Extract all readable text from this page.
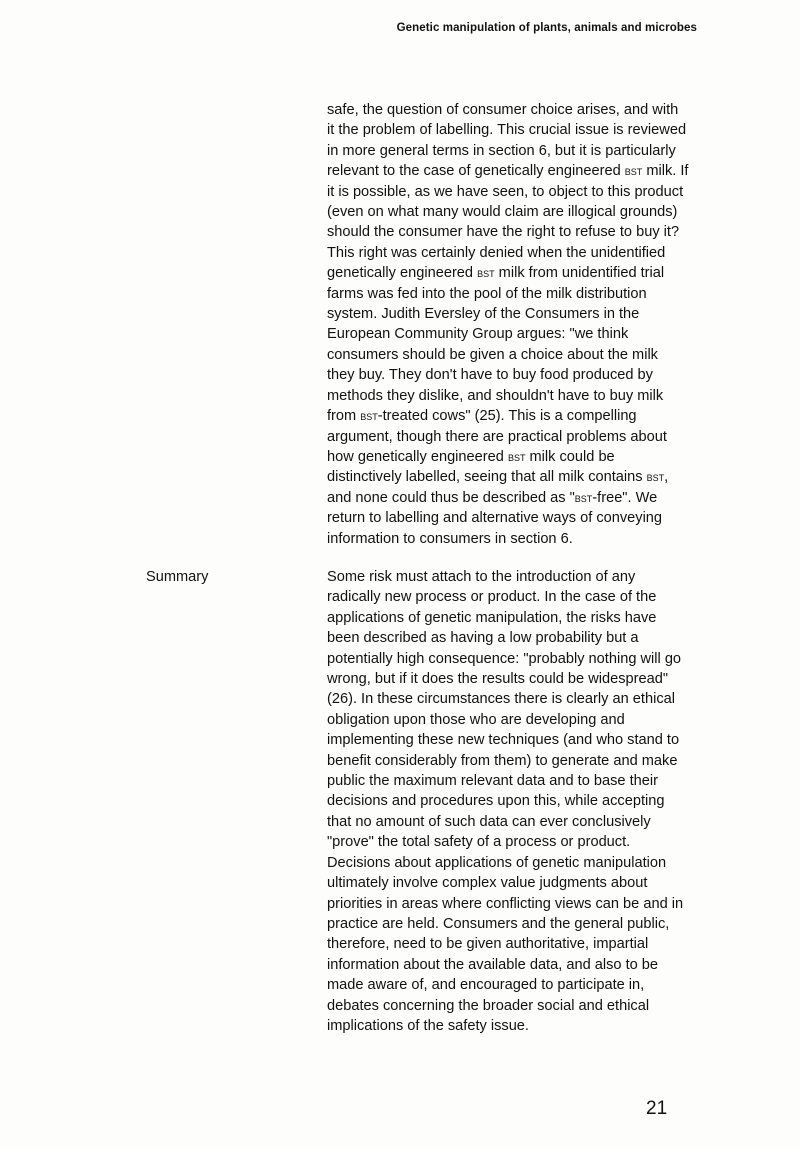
Genetic manipulation of plants, animals and microbes

safe, the question of consumer choice arises, and with it the problem of labelling. This crucial issue is reviewed in more general terms in section 6, but it is particularly relevant to the case of genetically engineered bst milk. If it is possible, as we have seen, to object to this product (even on what many would claim are illogical grounds) should the consumer have the right to refuse to buy it? This right was certainly denied when the unidentified genetically engineered bst milk from unidentified trial farms was fed into the pool of the milk distribution system. Judith Eversley of the Consumers in the European Community Group argues: "we think consumers should be given a choice about the milk they buy. They don't have to buy food produced by methods they dislike, and shouldn't have to buy milk from bst-treated cows" (25). This is a compelling argument, though there are practical problems about how genetically engineered bst milk could be distinctively labelled, seeing that all milk contains bst, and none could thus be described as "bst-free". We return to labelling and alternative ways of conveying information to consumers in section 6.

Summary	Some risk must attach to the introduction of any radically new process or product. In the case of the applications of genetic manipulation, the risks have been described as having a low probability but a potentially high consequence: "probably nothing will go wrong, but if it does the results could be widespread" (26). In these circumstances there is clearly an ethical obligation upon those who are developing and implementing these new techniques (and who stand to benefit considerably from them) to generate and make public the maximum relevant data and to base their decisions and procedures upon this, while accepting that no amount of such data can ever conclusively "prove" the total safety of a process or product. Decisions about applications of genetic manipulation ultimately involve complex value judgments about priorities in areas where conflicting views can be and in practice are held. Consumers and the general public, therefore, need to be given authoritative, impartial information about the available data, and also to be made aware of, and encouraged to participate in, debates concerning the broader social and ethical implications of the safety issue.

21
